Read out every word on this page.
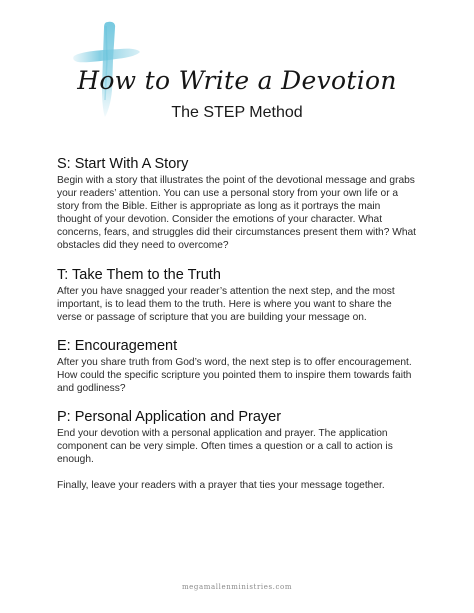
How to Write a Devotion
The STEP Method
S: Start With A Story

Begin with a story that illustrates the point of the devotional message and grabs your readers’ attention. You can use a personal story from your own life or a story from the Bible. Either is appropriate as long as it portrays the main thought of your devotion. Consider the emotions of your character. What concerns, fears, and struggles did their circumstances present them with? What obstacles did they need to overcome?

T: Take Them to the Truth

After you have snagged your reader’s attention the next step, and the most important, is to lead them to the truth. Here is where you want to share the verse or passage of scripture that you are building your message on.

E: Encouragement

After you share truth from God’s word, the next step is to offer encouragement. How could the specific scripture you pointed them to inspire them towards faith and godliness?

P: Personal Application and Prayer

End your devotion with a personal application and prayer. The application component can be very simple. Often times a question or a call to action is enough.

Finally, leave your readers with a prayer that ties your message together.

megamallenministries.com
